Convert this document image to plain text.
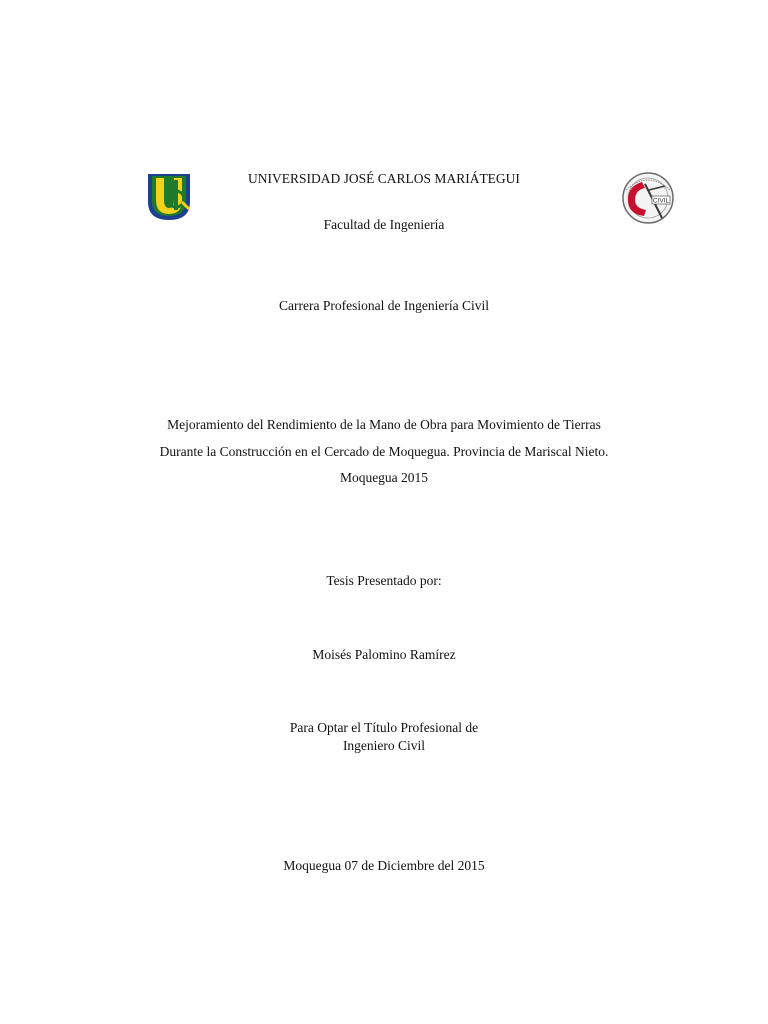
CIVIL
UNIVERSIDAD JOSÉ CARLOS MARIÁTEGUI
Facultad de Ingeniería
Carrera Profesional de Ingeniería Civil
Mejoramiento del Rendimiento de la Mano de Obra para Movimiento de Tierras
Durante la Construcción en el Cercado de Moquegua. Provincia de Mariscal Nieto.
Moquegua 2015
Tesis Presentado por:
Moisés Palomino Ramírez
Para Optar el Título Profesional de
Ingeniero Civil
Moquegua 07 de Diciembre del 2015
